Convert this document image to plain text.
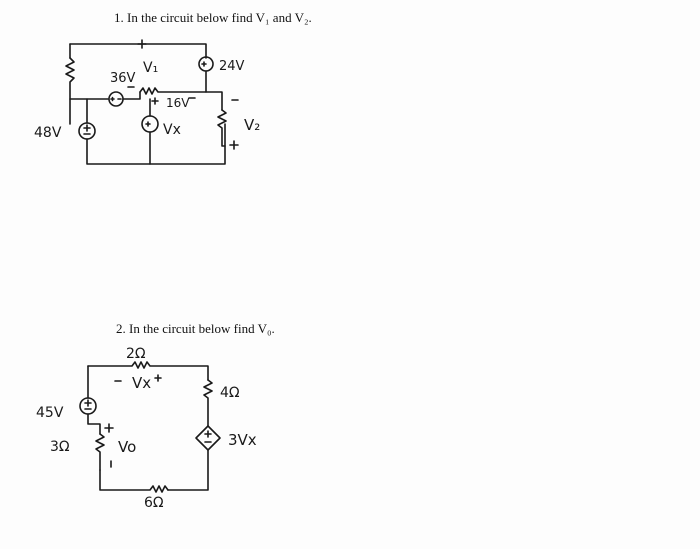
1. In the circuit below find V₁ and V₂.
2. In the circuit below find V₀.
48V
36V
V₁
16V
Vx
24V
V₂
2Ω
Vx
4Ω
45V
3Ω	Vo	3Vx
6Ω
